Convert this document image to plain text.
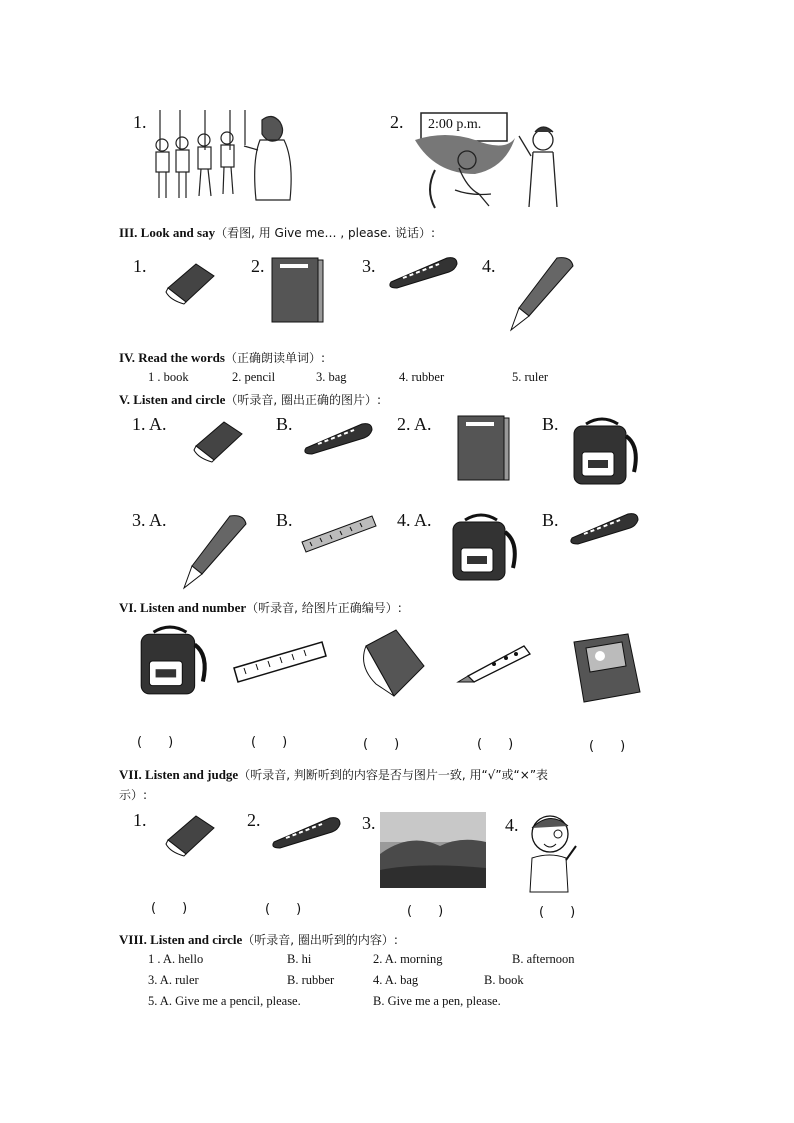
1.	2. 2:00 p.m.
III. Look and say（看图, 用 Give me… , please. 说话）:
1.	2.	3.	4.
IV. Read the words（正确朗读单词）:
1 . book	2. pencil	3. bag	4. rubber	5. ruler
V. Listen and circle（听录音, 圈出正确的图片）:
1. A.	B.	2. A.	B.
3. A.	B.	4. A.	B.
VI. Listen and number（听录音, 给图片正确编号）:
(　　)	(　　)	(　　)	(　　)	(　　)
VII. Listen and judge（听录音, 判断听到的内容是否与图片一致, 用“√”或“×”表
示）:
1.	2.	3.	4.
(　　)	(　　)	(　　)	(　　)
VIII. Listen and circle（听录音, 圈出听到的内容）:
1 . A. hello	B. hi	2. A. morning	B. afternoon
3. A. ruler	B. rubber	4. A. bag	B. book
5. A. Give me a pencil, please.	B. Give me a pen, please.
